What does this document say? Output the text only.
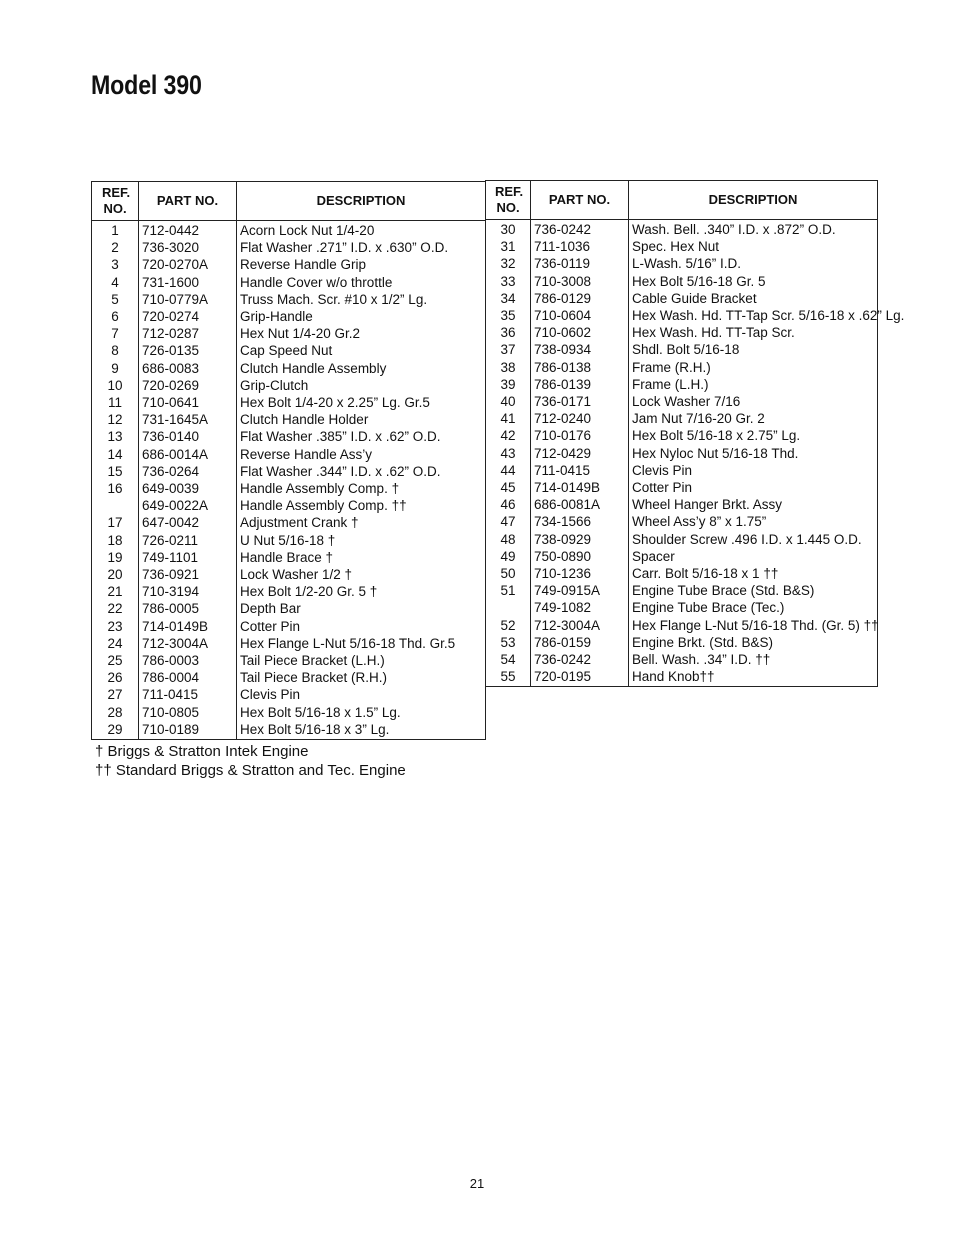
Model 390
REF. NO.	PART NO.	DESCRIPTION
1	712-0442	Acorn Lock Nut 1/4-20
2	736-3020	Flat Washer .271” I.D. x .630” O.D.
3	720-0270A	Reverse Handle Grip
4	731-1600	Handle Cover w/o throttle
5	710-0779A	Truss Mach. Scr. #10 x 1/2” Lg.
6	720-0274	Grip-Handle
7	712-0287	Hex Nut 1/4-20 Gr.2
8	726-0135	Cap Speed Nut
9	686-0083	Clutch Handle Assembly
10	720-0269	Grip-Clutch
11	710-0641	Hex Bolt 1/4-20 x 2.25” Lg. Gr.5
12	731-1645A	Clutch Handle Holder
13	736-0140	Flat Washer .385” I.D. x .62” O.D.
14	686-0014A	Reverse Handle Ass’y
15	736-0264	Flat Washer .344” I.D. x .62” O.D.
16	649-0039	Handle Assembly Comp. †
	649-0022A	Handle Assembly Comp. ††
17	647-0042	Adjustment Crank †
18	726-0211	U Nut 5/16-18 †
19	749-1101	Handle Brace †
20	736-0921	Lock Washer 1/2 †
21	710-3194	Hex Bolt 1/2-20 Gr. 5 †
22	786-0005	Depth Bar
23	714-0149B	Cotter Pin
24	712-3004A	Hex Flange L-Nut 5/16-18 Thd. Gr.5
25	786-0003	Tail Piece Bracket (L.H.)
26	786-0004	Tail Piece Bracket (R.H.)
27	711-0415	Clevis Pin
28	710-0805	Hex Bolt 5/16-18 x 1.5” Lg.
29	710-0189	Hex Bolt 5/16-18 x 3” Lg.
REF. NO.	PART NO.	DESCRIPTION
30	736-0242	Wash. Bell. .340” I.D. x .872” O.D.
31	711-1036	Spec. Hex Nut
32	736-0119	L-Wash. 5/16” I.D.
33	710-3008	Hex Bolt 5/16-18 Gr. 5
34	786-0129	Cable Guide Bracket
35	710-0604	Hex Wash. Hd. TT-Tap Scr. 5/16-18 x .62” Lg.
36	710-0602	Hex Wash. Hd. TT-Tap Scr.
37	738-0934	Shdl. Bolt 5/16-18
38	786-0138	Frame (R.H.)
39	786-0139	Frame (L.H.)
40	736-0171	Lock Washer 7/16
41	712-0240	Jam Nut 7/16-20 Gr. 2
42	710-0176	Hex Bolt 5/16-18 x 2.75” Lg.
43	712-0429	Hex Nyloc Nut 5/16-18 Thd.
44	711-0415	Clevis Pin
45	714-0149B	Cotter Pin
46	686-0081A	Wheel Hanger Brkt. Assy
47	734-1566	Wheel Ass’y 8” x 1.75”
48	738-0929	Shoulder Screw .496 I.D. x 1.445 O.D.
49	750-0890	Spacer
50	710-1236	Carr. Bolt 5/16-18 x 1 ††
51	749-0915A	Engine Tube Brace (Std. B&S)
	749-1082	Engine Tube Brace (Tec.)
52	712-3004A	Hex Flange L-Nut 5/16-18 Thd. (Gr. 5) ††
53	786-0159	Engine Brkt. (Std. B&S)
54	736-0242	Bell. Wash. .34” I.D. ††
55	720-0195	Hand Knob††
† Briggs & Stratton Intek Engine
†† Standard Briggs & Stratton and Tec. Engine
21
